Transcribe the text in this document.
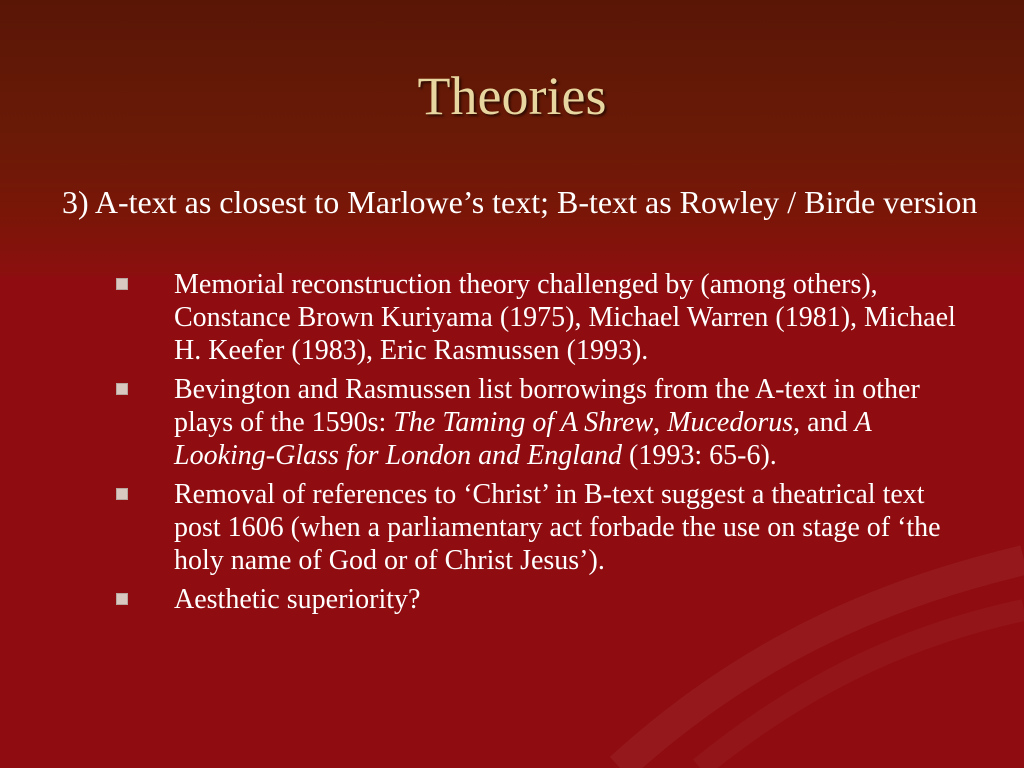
Theories

3) A-text as closest to Marlowe’s text; B-text as Rowley / Birde version

Memorial reconstruction theory challenged by (among others), Constance Brown Kuriyama (1975), Michael Warren (1981), Michael H. Keefer (1983), Eric Rasmussen (1993).
Bevington and Rasmussen list borrowings from the A-text in other plays of the 1590s: The Taming of A Shrew, Mucedorus, and A Looking-Glass for London and England (1993: 65-6).
Removal of references to ‘Christ’ in B-text suggest a theatrical text post 1606 (when a parliamentary act forbade the use on stage of ‘the holy name of God or of Christ Jesus’).
Aesthetic superiority?
